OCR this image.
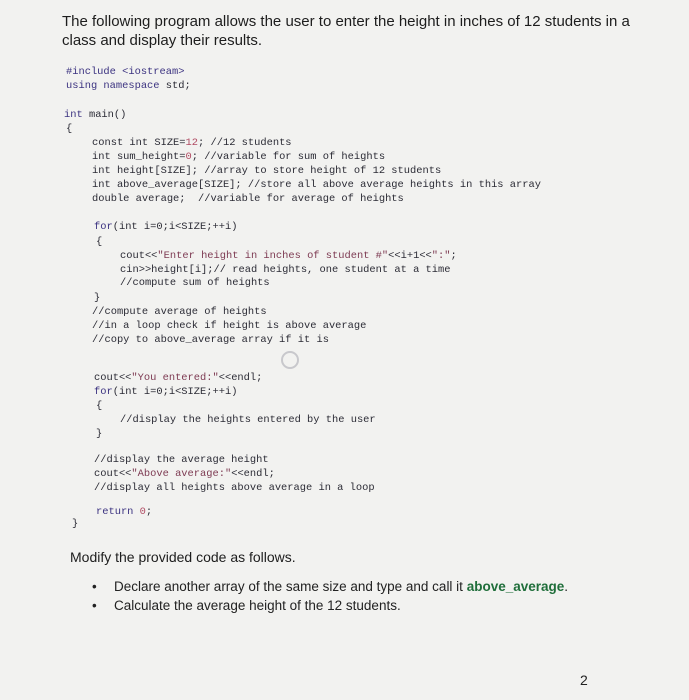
The following program allows the user to enter the height in inches of 12 students in a class and display their results.

#include <iostream>

using namespace std;

int main()

{

const int SIZE=12; //12 students

int sum_height=0; //variable for sum of heights

int height[SIZE]; //array to store height of 12 students

int above_average[SIZE]; //store all above average heights in this array

double average;  //variable for average of heights

for(int i=0;i<SIZE;++i)

{

cout<<"Enter height in inches of student #"<<i+1<<":";

cin>>height[i];// read heights, one student at a time

//compute sum of heights

}

//compute average of heights

//in a loop check if height is above average

//copy to above_average array if it is

cout<<"You entered:"<<endl;

for(int i=0;i<SIZE;++i)

{

//display the heights entered by the user

}

//display the average height

cout<<"Above average:"<<endl;

//display all heights above average in a loop

return 0;

}

Modify the provided code as follows.

• Declare another array of the same size and type and call it above_average.
• Calculate the average height of the 12 students.
2
